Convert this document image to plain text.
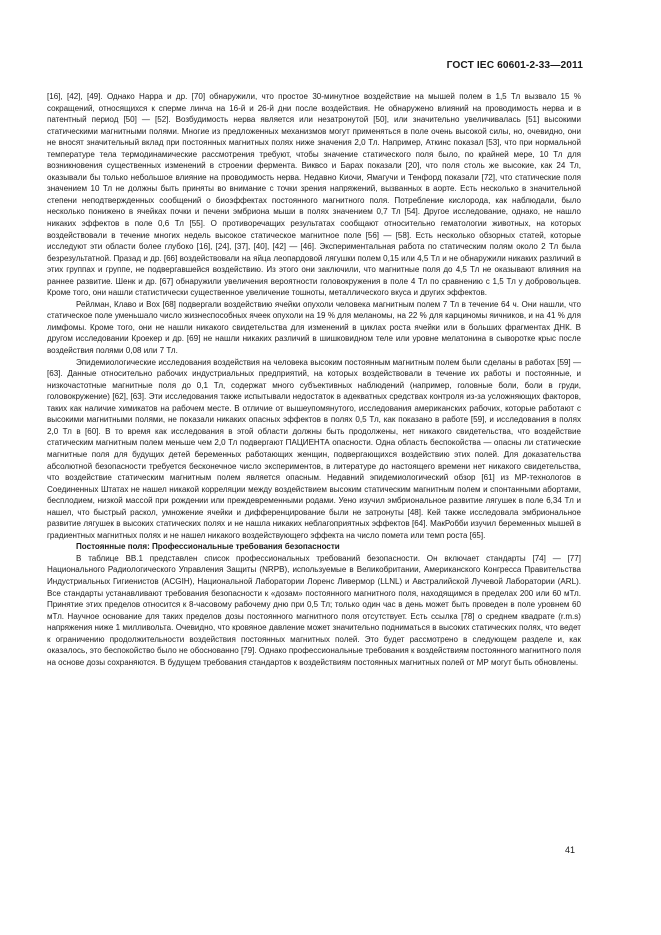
ГОСТ IEC 60601-2-33—2011

[16], [42], [49]. Однако Нарра и др. [70] обнаружили, что простое 30-минутное воздействие на мышей полем в 1,5 Тл вызвало 15 % сокращений, относящихся к сперме линча на 16-й и 26-й дни после воздействия. Не обнаружено влияний на проводимость нерва и в патентный период [50] — [52]. Возбудимость нерва является или незатронутой [50], или значительно увеличивалась [51] высокими статическими магнитными полями. Многие из предложенных механизмов могут применяться в поле очень высокой силы, но, очевидно, они не вносят значительный вклад при постоянных магнитных полях ниже значения 2,0 Тл. Например, Аткинс показал [53], что при нормальной температуре тела термодинамические рассмотрения требуют, чтобы значение статического поля было, по крайней мере, 10 Тл для возникновения существенных изменений в строении фермента. Виквсо и Барах показали [20], что поля столь же высокие, как 24 Тл, оказывали бы только небольшое влияние на проводимость нерва. Недавно Киочи, Ямагучи и Тенфорд показали [72], что статические поля значением 10 Тл не должны быть приняты во внимание с точки зрения напряжений, вызванных в аорте. Есть несколько в значительной степени неподтвержденных сообщений о биоэффектах постоянного магнитного поля. Потребление кислорода, как наблюдали, было несколько понижено в ячейках почки и печени эмбриона мыши в полях значением 0,7 Тл [54]. Другое исследование, однако, не нашло никаких эффектов в поле 0,6 Тл [55]. О противоречащих результатах сообщают относительно гематологии животных, на которых воздействовали в течение многих недель высокое статическое магнитное поле [56] — [58]. Есть несколько обзорных статей, которые исследуют эти области более глубоко [16], [24], [37], [40], [42] — [46]. Экспериментальная работа по статическим полям около 2 Тл была безрезультатной. Празад и др. [66] воздействовали на яйца леопардовой лягушки полем 0,15 или 4,5 Тл и не обнаружили никаких различий в этих группах и группе, не подвергавшейся воздействию. Из этого они заключили, что магнитные поля до 4,5 Тл не оказывают влияния на раннее развитие. Шенк и др. [67] обнаружили увеличения вероятности головокружения в поле 4 Тл по сравнению с 1,5 Тл у добровольцев. Кроме того, они нашли статистически существенное увеличение тошноты, металлического вкуса и других эффектов.

Рейлман, Клаво и Вох [68] подвергали воздействию ячейки опухоли человека магнитным полем 7 Тл в течение 64 ч. Они нашли, что статическое поле уменьшало число жизнеспособных ячеек опухоли на 19 % для меланомы, на 22 % для карциномы яичников, и на 41 % для лимфомы. Кроме того, они не нашли никакого свидетельства для изменений в циклах роста ячейки или в больших фрагментах ДНК. В другом исследовании Кроекер и др. [69] не нашли никаких различий в шишковидном теле или уровне мелатонина в сыворотке крыс после воздействия полями 0,08 или 7 Тл.

Эпидемиологические исследования воздействия на человека высоким постоянным магнитным полем были сделаны в работах [59] — [63]. Данные относительно рабочих индустриальных предприятий, на которых воздействовали в течение их работы и постоянные, и низкочастотные магнитные поля до 0,1 Тл, содержат много субъективных наблюдений (например, головные боли, боли в груди, головокружение) [62], [63]. Эти исследования также испытывали недостаток в адекватных средствах контроля из-за усложняющих факторов, таких как наличие химикатов на рабочем месте. В отличие от вышеупомянутого, исследования американских рабочих, которые работают с высокими магнитными полями, не показали никаких опасных эффектов в полях 0,5 Тл, как показано в работе [59], и исследования в полях 2,0 Тл в [60]. В то время как исследования в этой области должны быть продолжены, нет никакого свидетельства, что воздействие статическим магнитным полем меньше чем 2,0 Тл подвергают ПАЦИЕНТА опасности. Одна область беспокойства — опасны ли статические магнитные поля для будущих детей беременных работающих женщин, подвергающихся воздействию этих полей. Для доказательства абсолютной безопасности требуется бесконечное число экспериментов, в литературе до настоящего времени нет никакого свидетельства, что воздействие статическим магнитным полем является опасным. Недавний эпидемиологический обзор [61] из МР-технологов в Соединенных Штатах не нашел никакой корреляции между воздействием высоким статическим магнитным полем и спонтанными абортами, бесплодием, низкой массой при рождении или преждевременными родами. Уено изучил эмбриональное развитие лягушек в поле 6,34 Тл и нашел, что быстрый раскол, умножение ячейки и дифференцирование были не затронуты [48]. Кей также исследовала эмбриональное развитие лягушек в высоких статических полях и не нашла никаких неблагоприятных эффектов [64]. МакРобби изучил беременных мышей в градиентных магнитных полях и не нашел никакого воздействующего эффекта на число помета или темп роста [65].

Постоянные поля: Профессиональные требования безопасности

В таблице ВВ.1 представлен список профессиональных требований безопасности. Он включает стандарты [74] — [77] Национального Радиологического Управления Защиты (NRPB), используемые в Великобритании, Американского Конгресса Правительства Индустриальных Гигиенистов (ACGIH), Национальной Лаборатории Лоренс Ливермор (LLNL) и Австралийской Лучевой Лаборатории (ARL). Все стандарты устанавливают требования безопасности к «дозам» постоянного магнитного поля, находящимся в пределах 200 или 60 мТл. Принятие этих пределов относится к 8-часовому рабочему дню при 0,5 Тл; только один час в день может быть проведен в поле уровнем 60 мТл. Научное основание для таких пределов дозы постоянного магнитного поля отсутствует. Есть ссылка [78] о среднем квадрате (r.m.s) напряжения ниже 1 милливольта. Очевидно, что кровяное давление может значительно подниматься в высоких статических полях, что ведет к ограничению продолжительности воздействия постоянных магнитных полей. Это будет рассмотрено в следующем разделе и, как оказалось, это беспокойство было не обоснованно [79]. Однако профессиональные требования к воздействиям постоянного магнитного поля на основе дозы сохраняются. В будущем требования стандартов к воздействиям постоянных магнитных полей от МР могут быть обновлены.

41
